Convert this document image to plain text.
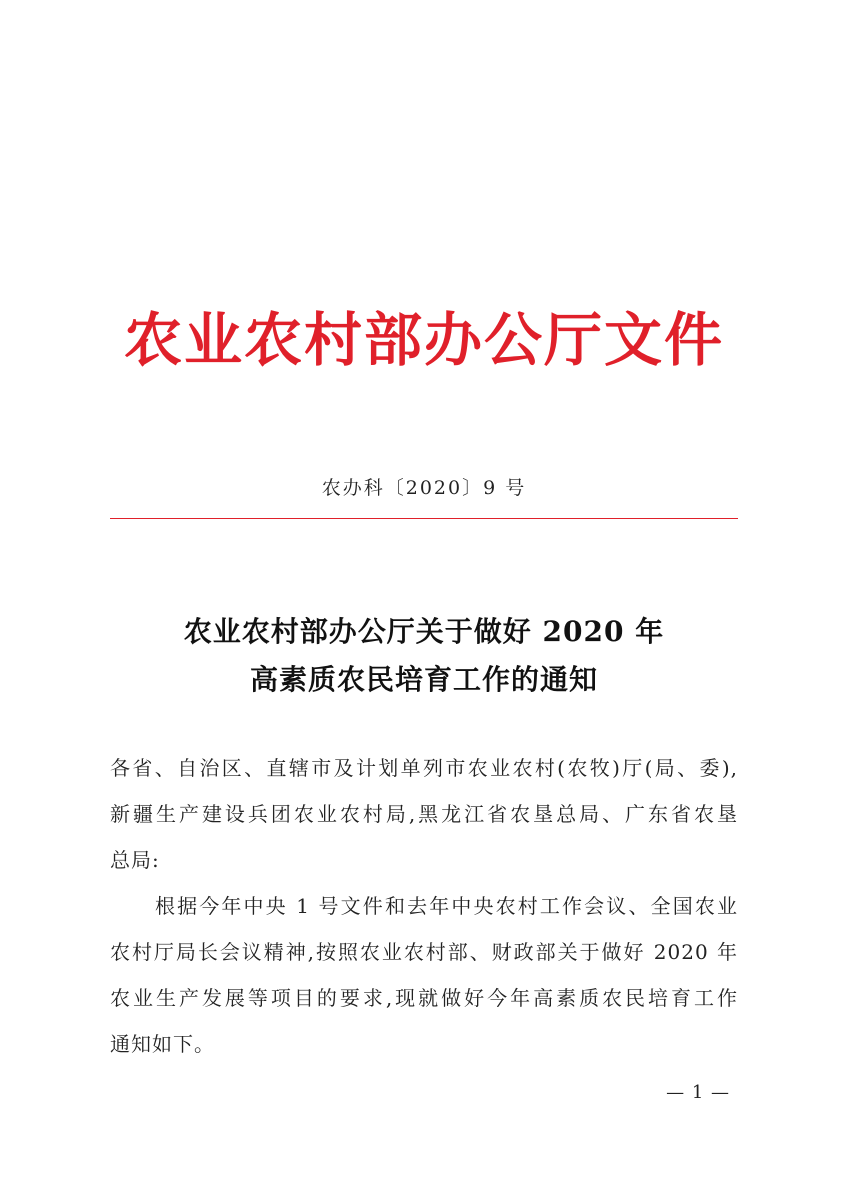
农业农村部办公厅文件
农办科〔2020〕9 号
农业农村部办公厅关于做好 2020 年
高素质农民培育工作的通知
各省、自治区、直辖市及计划单列市农业农村(农牧)厅(局、委),
新疆生产建设兵团农业农村局,黑龙江省农垦总局、广东省农垦
总局:
根据今年中央 1 号文件和去年中央农村工作会议、全国农业
农村厅局长会议精神,按照农业农村部、财政部关于做好 2020 年
农业生产发展等项目的要求,现就做好今年高素质农民培育工作
通知如下。
— 1 —
